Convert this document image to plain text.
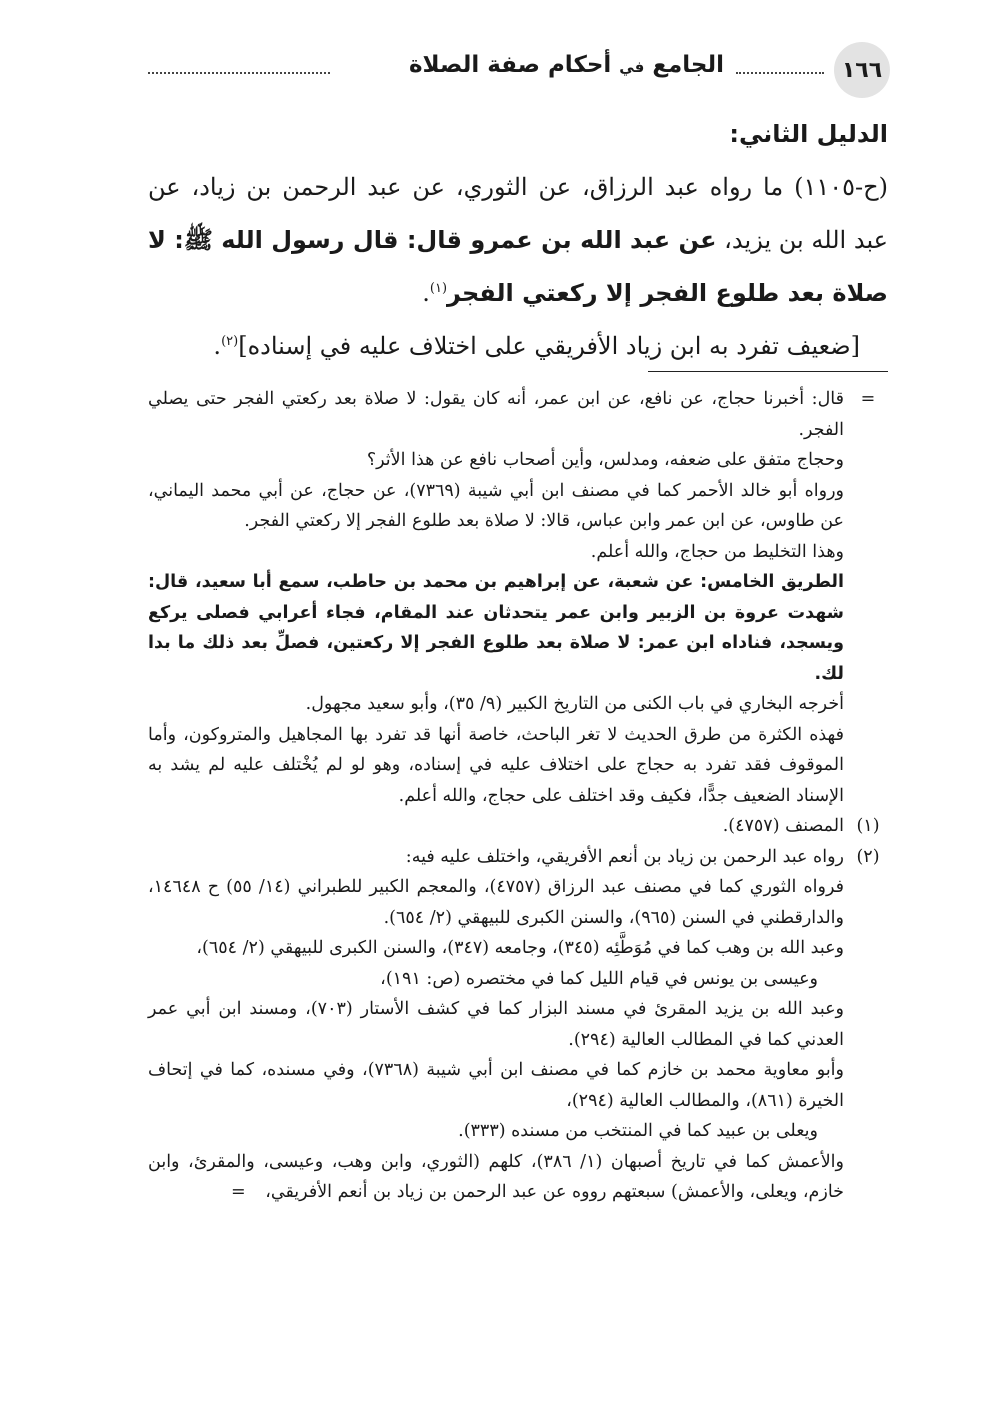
١٦٦
الجامع في أحكام صفة الصلاة

الدليل الثاني:

(ح-١١٠٥) ما رواه عبد الرزاق، عن الثوري، عن عبد الرحمن بن زياد، عن عبد الله بن يزيد، عن عبد الله بن عمرو قال: قال رسول الله ﷺ: لا صلاة بعد طلوع الفجر إلا ركعتي الفجر$^{(١)}$.

[ضعيف تفرد به ابن زياد الأفريقي على اختلاف عليه في إسناده]$^{(٢)}$.

=

قال: أخبرنا حجاج، عن نافع، عن ابن عمر، أنه كان يقول: لا صلاة بعد ركعتي الفجر حتى يصلي الفجر.

وحجاج متفق على ضعفه، ومدلس، وأين أصحاب نافع عن هذا الأثر؟

ورواه أبو خالد الأحمر كما في مصنف ابن أبي شيبة (٧٣٦٩)، عن حجاج، عن أبي محمد اليماني، عن طاوس، عن ابن عمر وابن عباس، قالا: لا صلاة بعد طلوع الفجر إلا ركعتي الفجر.

وهذا التخليط من حجاج، والله أعلم.

الطريق الخامس: عن شعبة، عن إبراهيم بن محمد بن حاطب، سمع أبا سعيد، قال: شهدت عروة بن الزبير وابن عمر يتحدثان عند المقام، فجاء أعرابي فصلى يركع ويسجد، فناداه ابن عمر: لا صلاة بعد طلوع الفجر إلا ركعتين، فصلِّ بعد ذلك ما بدا لك.

أخرجه البخاري في باب الكنى من التاريخ الكبير (٩/ ٣٥)، وأبو سعيد مجهول.

فهذه الكثرة من طرق الحديث لا تغر الباحث، خاصة أنها قد تفرد بها المجاهيل والمتروكون، وأما الموقوف فقد تفرد به حجاج على اختلاف عليه في إسناده، وهو لو لم يُخْتلف عليه لم يشد به الإسناد الضعيف جدًّا، فكيف وقد اختلف على حجاج، والله أعلم.

(١)

المصنف (٤٧٥٧).

(٢)

رواه عبد الرحمن بن زياد بن أنعم الأفريقي، واختلف عليه فيه:

فرواه الثوري كما في مصنف عبد الرزاق (٤٧٥٧)، والمعجم الكبير للطبراني (١٤/ ٥٥) ح ١٤٦٤٨، والدارقطني في السنن (٩٦٥)، والسنن الكبرى للبيهقي (٢/ ٦٥٤).

وعبد الله بن وهب كما في مُوَطَّئِه (٣٤٥)، وجامعه (٣٤٧)، والسنن الكبرى للبيهقي (٢/ ٦٥٤)،

وعيسى بن يونس في قيام الليل كما في مختصره (ص: ١٩١)،

وعبد الله بن يزيد المقرئ في مسند البزار كما في كشف الأستار (٧٠٣)، ومسند ابن أبي عمر العدني كما في المطالب العالية (٢٩٤).

وأبو معاوية محمد بن خازم كما في مصنف ابن أبي شيبة (٧٣٦٨)، وفي مسنده، كما في إتحاف الخيرة (٨٦١)، والمطالب العالية (٢٩٤)،

ويعلى بن عبيد كما في المنتخب من مسنده (٣٣٣).

والأعمش كما في تاريخ أصبهان (١/ ٣٨٦)، كلهم (الثوري، وابن وهب، وعيسى، والمقرئ، وابن خازم، ويعلى، والأعمش) سبعتهم رووه عن عبد الرحمن بن زياد بن أنعم الأفريقي، =
